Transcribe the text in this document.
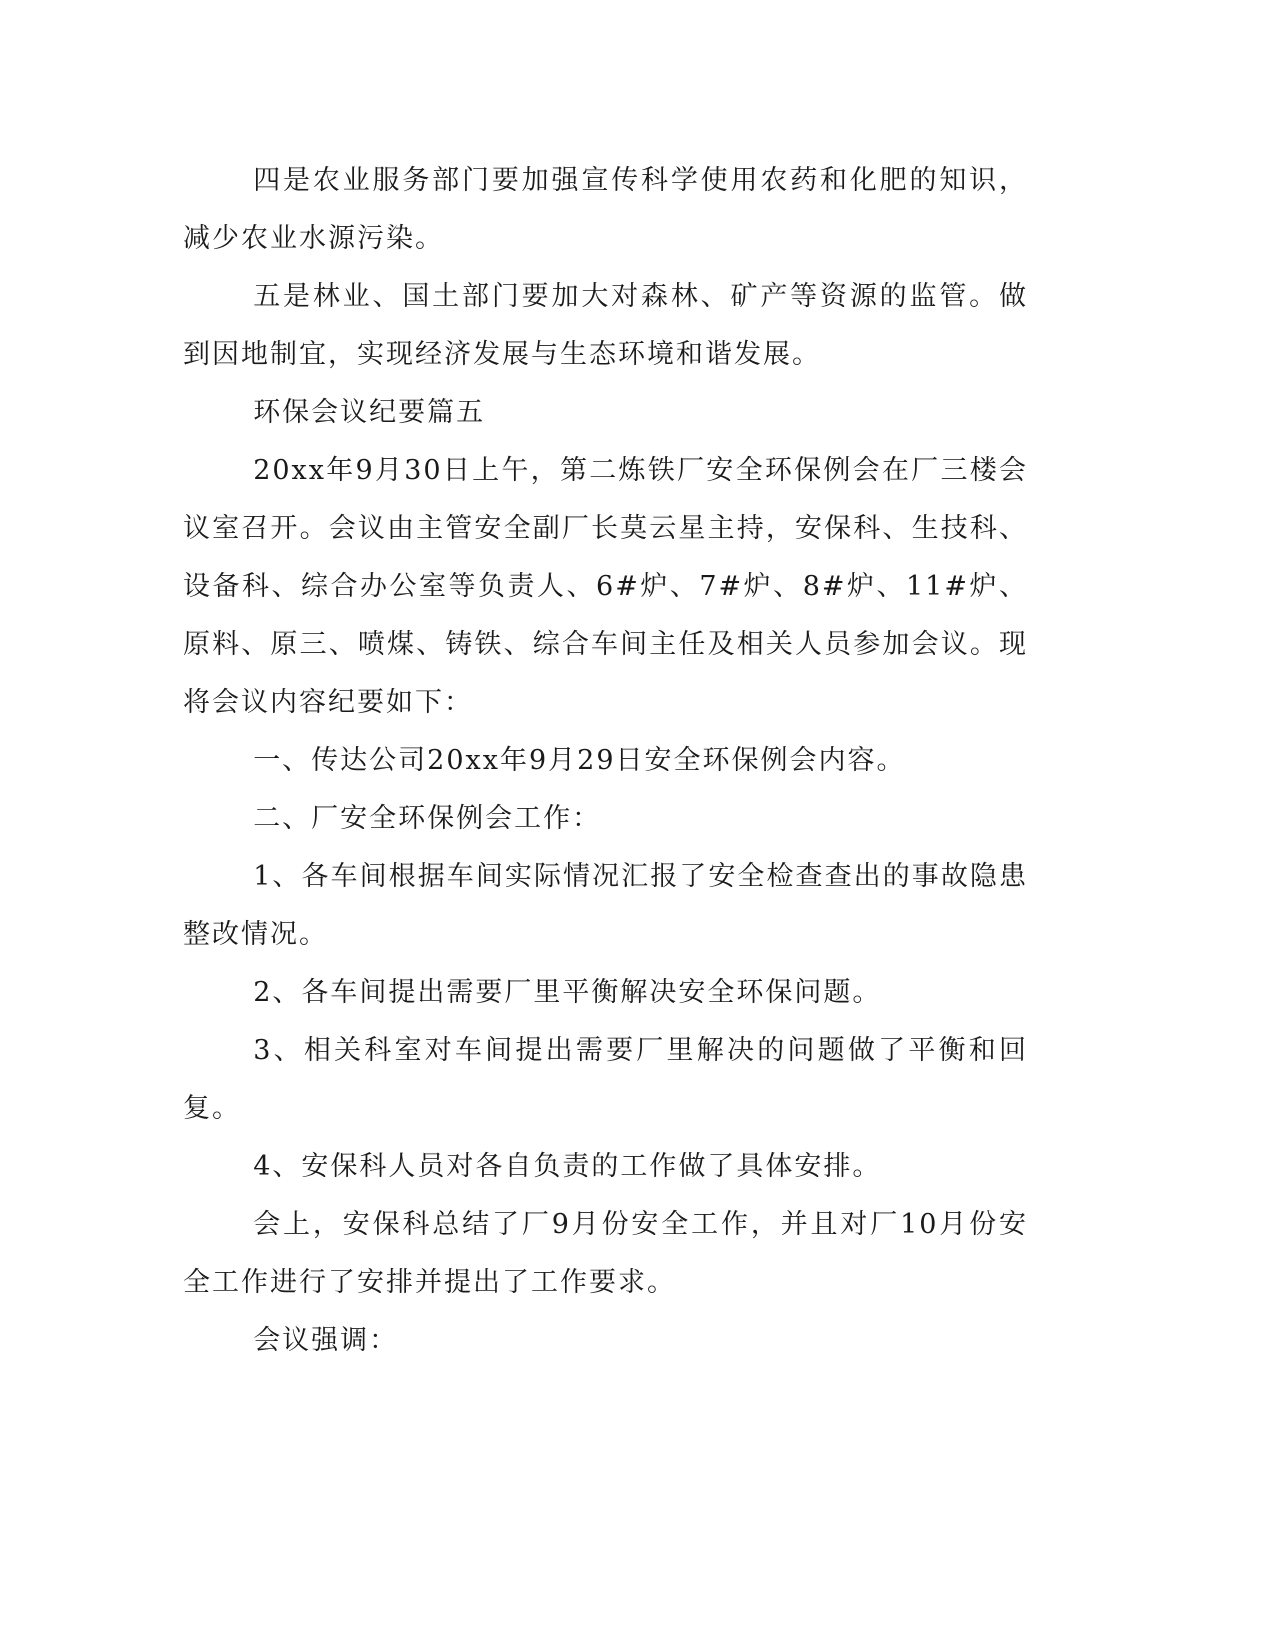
四是农业服务部门要加强宣传科学使用农药和化肥的知识，减少农业水源污染。

五是林业、国土部门要加大对森林、矿产等资源的监管。做到因地制宜，实现经济发展与生态环境和谐发展。

环保会议纪要篇五

20xx年9月30日上午，第二炼铁厂安全环保例会在厂三楼会议室召开。会议由主管安全副厂长莫云星主持，安保科、生技科、设备科、综合办公室等负责人、6#炉、7#炉、8#炉、11#炉、原料、原三、喷煤、铸铁、综合车间主任及相关人员参加会议。现将会议内容纪要如下：

一、传达公司20xx年9月29日安全环保例会内容。

二、厂安全环保例会工作：

1、各车间根据车间实际情况汇报了安全检查查出的事故隐患整改情况。

2、各车间提出需要厂里平衡解决安全环保问题。

3、相关科室对车间提出需要厂里解决的问题做了平衡和回复。

4、安保科人员对各自负责的工作做了具体安排。

会上，安保科总结了厂9月份安全工作，并且对厂10月份安全工作进行了安排并提出了工作要求。

会议强调：
